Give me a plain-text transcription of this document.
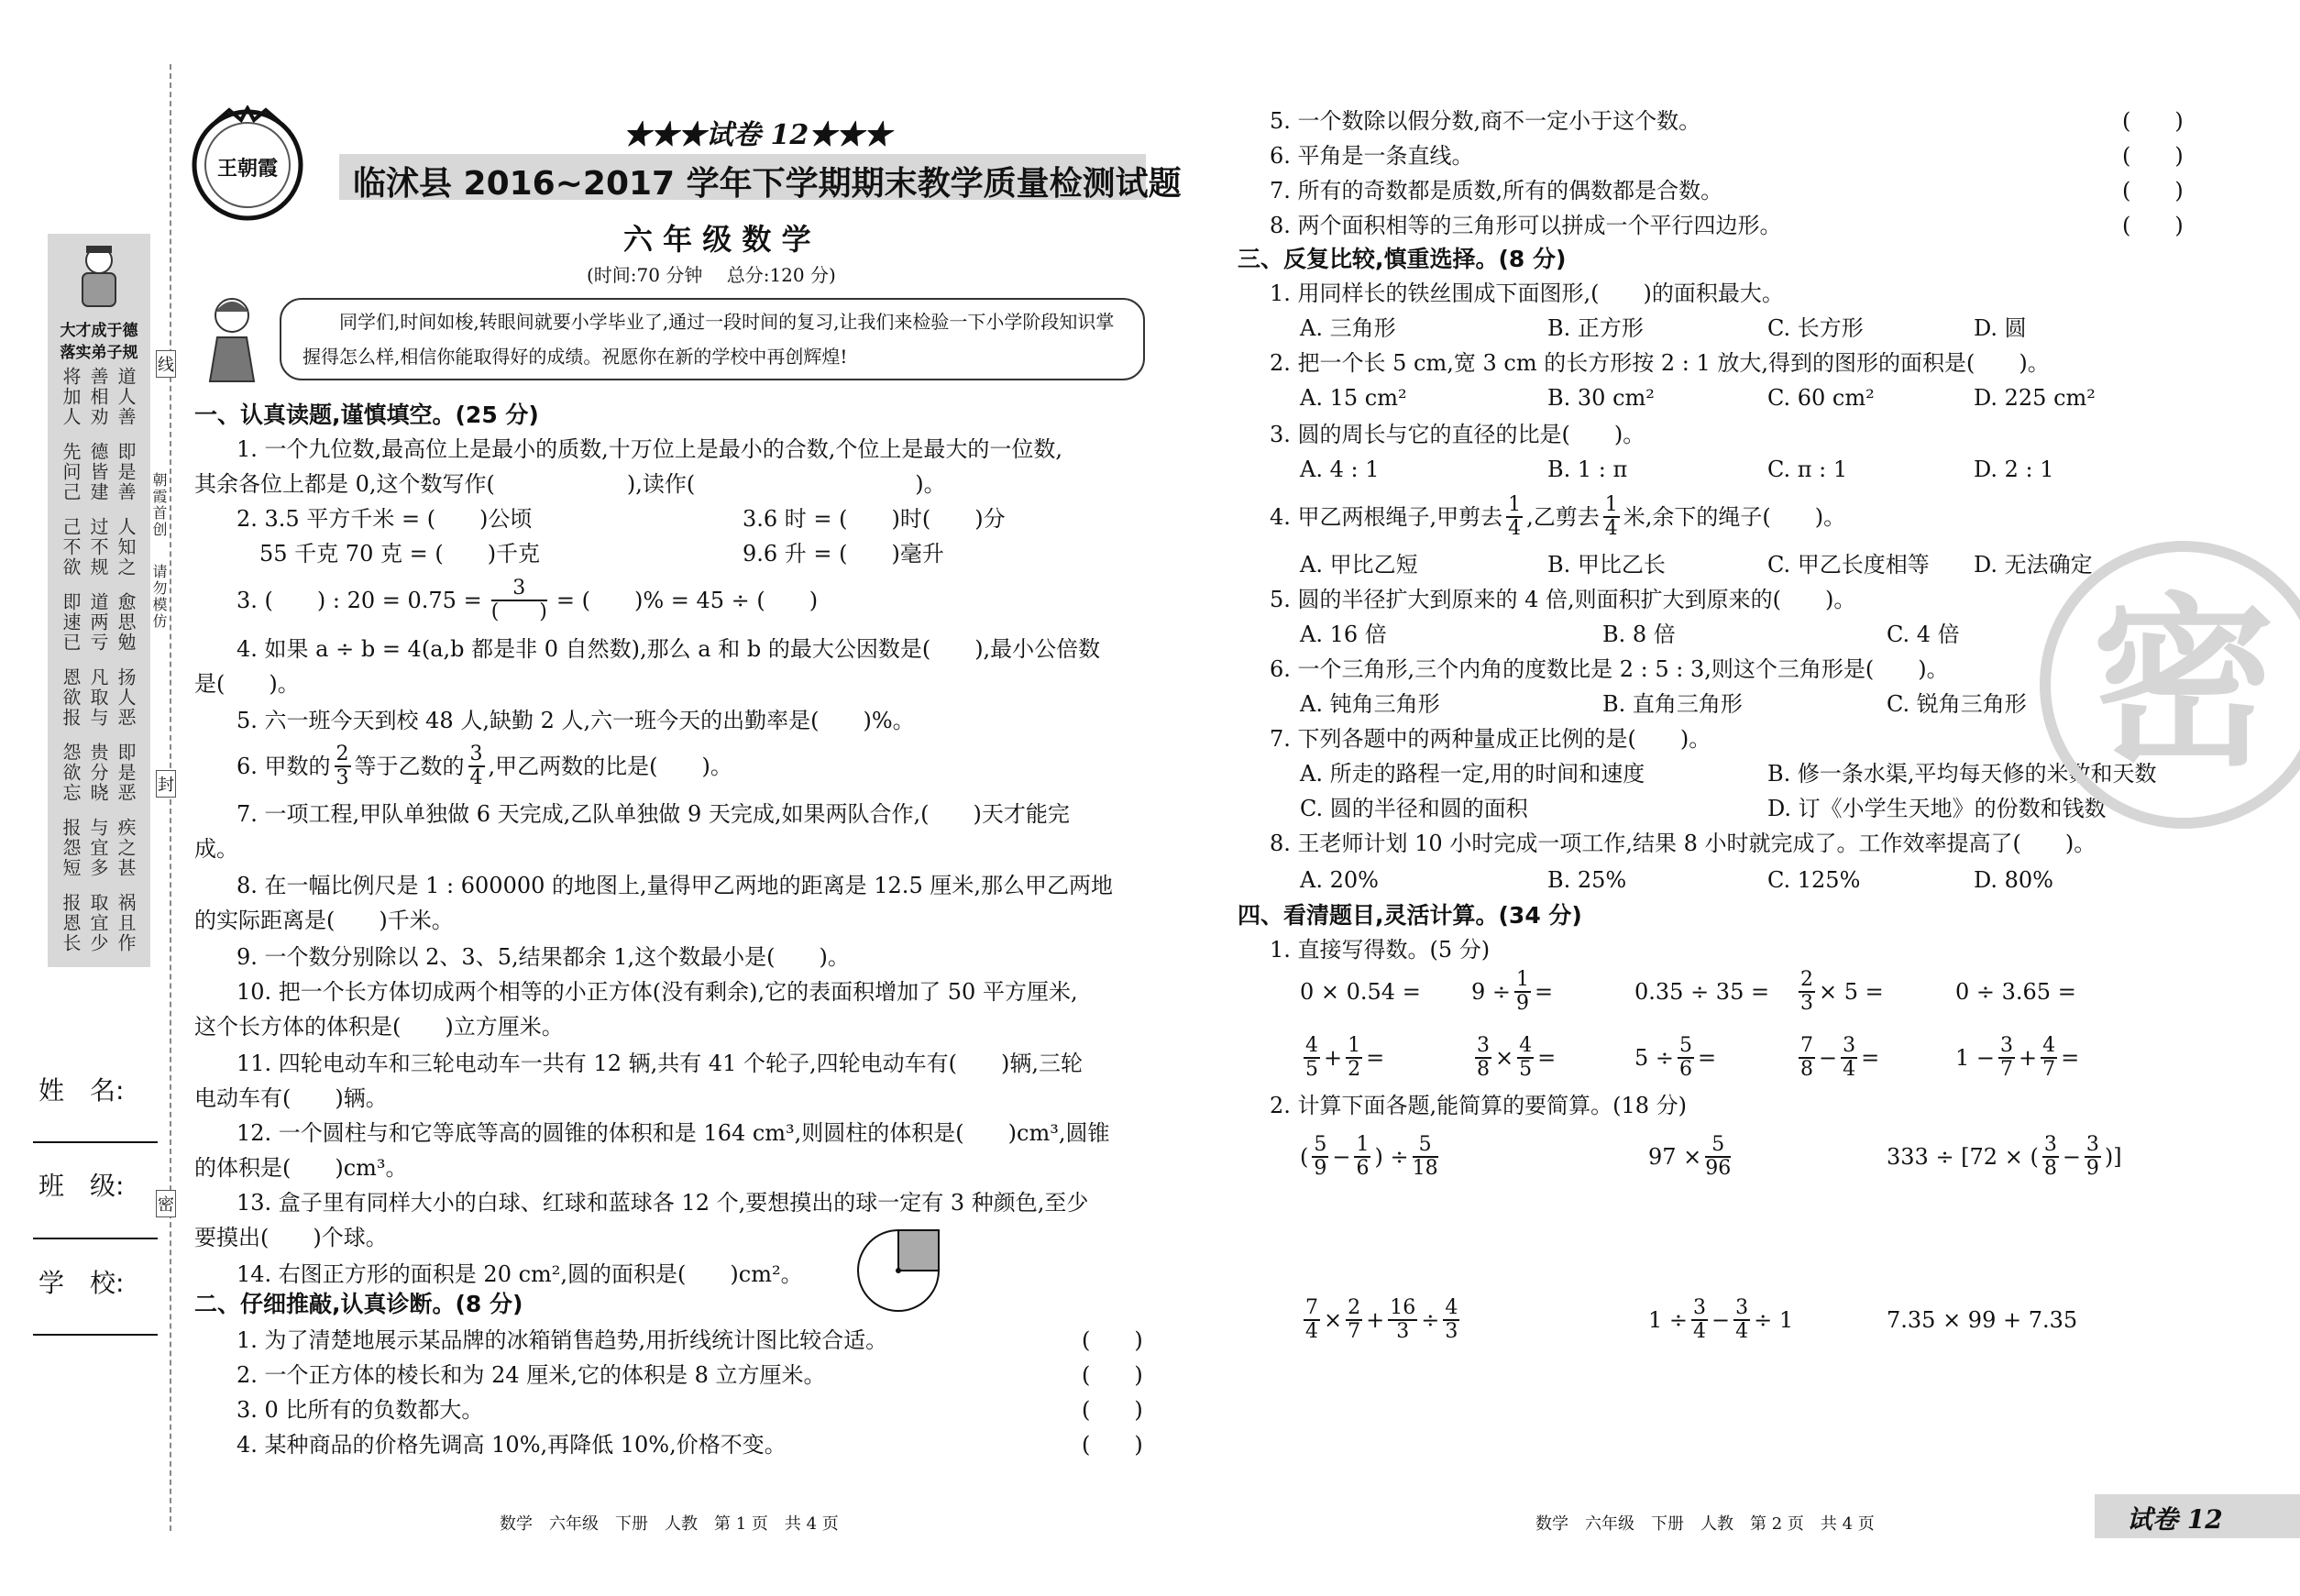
大才成于德
落实弟子规
将加人 善相劝 道人善
先问己 德皆建 即是善
己不欲 过不规 人知之
即速已 道两亏 愈思勉
恩欲报 凡取与 扬人恶
怨欲忘 贵分晓 即是恶
报怨短 与宜多 疾之甚
报恩长 取宜少 祸且作
线
封
密
朝霞首创
请勿模仿
姓　名:
班　级:
学　校:
王朝霞
★★★试卷 12★★★
临沭县 2016~2017 学年下学期期末教学质量检测试题
六 年 级 数 学
(时间:70 分钟　 总分:120 分)
同学们,时间如梭,转眼间就要小学毕业了,通过一段时间的复习,让我们来检验一下小学阶段知识掌握得怎么样,相信你能取得好的成绩。祝愿你在新的学校中再创辉煌!
一、认真读题,谨慎填空。(25 分)
1. 一个九位数,最高位上是最小的质数,十万位上是最小的合数,个位上是最大的一位数,
其余各位上都是 0,这个数写作(　　　　　　),读作(　　　　　　　　　　)。
2. 3.5 平方千米 = (　　)公顷	3.6 时 = (　　)时(　　)分
55 千克 70 克 = (　　)千克	9.6 升 = (　　)毫升
3. (　　) : $20 = 0.75 = \frac{3}{( )}$ = (　　)% = 45 ÷ (　　)
4. 如果 a ÷ b = 4(a,b 都是非 0 自然数),那么 a 和 b 的最大公因数是(　　),最小公倍数
是(　　)。
5. 六一班今天到校 48 人,缺勤 2 人,六一班今天的出勤率是(　　)%。
6. 甲数的 $\frac{2}{3}$ 等于乙数的 $\frac{3}{4}$ ,甲乙两数的比是(　　)。
7. 一项工程,甲队单独做 6 天完成,乙队单独做 9 天完成,如果两队合作,(　　)天才能完
成。
8. 在一幅比例尺是 1 : 600000 的地图上,量得甲乙两地的距离是 12.5 厘米,那么甲乙两地
的实际距离是(　　)千米。
9. 一个数分别除以 2、3、5,结果都余 1,这个数最小是(　　)。
10. 把一个长方体切成两个相等的小正方体(没有剩余),它的表面积增加了 50 平方厘米,
这个长方体的体积是(　　)立方厘米。
11. 四轮电动车和三轮电动车一共有 12 辆,共有 41 个轮子,四轮电动车有(　　)辆,三轮
电动车有(　　)辆。
12. 一个圆柱与和它等底等高的圆锥的体积和是 164 cm³,则圆柱的体积是(　　)cm³,圆锥
的体积是(　　)cm³。
13. 盒子里有同样大小的白球、红球和蓝球各 12 个,要想摸出的球一定有 3 种颜色,至少
要摸出(　　)个球。
14. 右图正方形的面积是 20 cm²,圆的面积是(　　)cm²。
二、仔细推敲,认真诊断。(8 分)
1. 为了清楚地展示某品牌的冰箱销售趋势,用折线统计图比较合适。
2. 一个正方体的棱长和为 24 厘米,它的体积是 8 立方厘米。
3. 0 比所有的负数都大。
4. 某种商品的价格先调高 10%,再降低 10%,价格不变。
(　　)
(　　)
(　　)
(　　)
数学　六年级　下册　人教　第 1 页　共 4 页
5. 一个数除以假分数,商不一定小于这个数。
6. 平角是一条直线。
7. 所有的奇数都是质数,所有的偶数都是合数。
8. 两个面积相等的三角形可以拼成一个平行四边形。
(　　)
(　　)
(　　)
(　　)
三、反复比较,慎重选择。(8 分)
1. 用同样长的铁丝围成下面图形,(　　)的面积最大。
A. 三角形	B. 正方形	C. 长方形	D. 圆
2. 把一个长 5 cm,宽 3 cm 的长方形按 2 : 1 放大,得到的图形的面积是(　　)。
A. 15 cm²	B. 30 cm²	C. 60 cm²	D. 225 cm²
3. 圆的周长与它的直径的比是(　　)。
A. 4 : 1	B. 1 : π	C. π : 1	D. 2 : 1
4. 甲乙两根绳子,甲剪去 $\frac{1}{4}$ ,乙剪去 $\frac{1}{4}$ 米,余下的绳子(　　)。
A. 甲比乙短	B. 甲比乙长	C. 甲乙长度相等 D. 无法确定
5. 圆的半径扩大到原来的 4 倍,则面积扩大到原来的(　　)。
A. 16 倍	B. 8 倍	C. 4 倍
6. 一个三角形,三个内角的度数比是 2 : 5 : 3,则这个三角形是(　　)。
A. 钝角三角形	B. 直角三角形	C. 锐角三角形
7. 下列各题中的两种量成正比例的是(　　)。
A. 所走的路程一定,用的时间和速度	B. 修一条水渠,平均每天修的米数和天数
C. 圆的半径和圆的面积	D. 订《小学生天地》的份数和钱数
8. 王老师计划 10 小时完成一项工作,结果 8 小时就完成了。工作效率提高了(　　)。
A. 20%	B. 25%	C. 125%	D. 80%
密
四、看清题目,灵活计算。(34 分)
1. 直接写得数。(5 分)
$0 \times 0.54 = 9 \div \frac{1}{9}$ =	$0.35 \div 35 = \frac{2}{3} \times 5$ =	0 ÷ 3.65 =
$\frac{4}{5} + \frac{1}{2}$ =	$\frac{3}{8} \times \frac{4}{5}$ =	$5 \div \frac{5}{6}$ =	$\frac{7}{8} - \frac{3}{4}$ =	$1 - \frac{3}{7} + \frac{4}{7}$ =
2. 计算下面各题,能简算的要简算。(18 分)
( $\frac{5}{9} - \frac{1}{6}$ ) ÷ $\frac{5}{18}$	$97 \times \frac{5}{96}$	333 ÷ [72 × ( $\frac{3}{8} - \frac{3}{9}$ )]
$\frac{7}{4} \times \frac{2}{7} + \frac{16}{3} \div \frac{4}{3}$	$1 \div \frac{3}{4} - \frac{3}{4} \div 1$	7.35 × 99 + 7.35
数学　六年级　下册　人教　第 2 页　共 4 页	试卷 12
